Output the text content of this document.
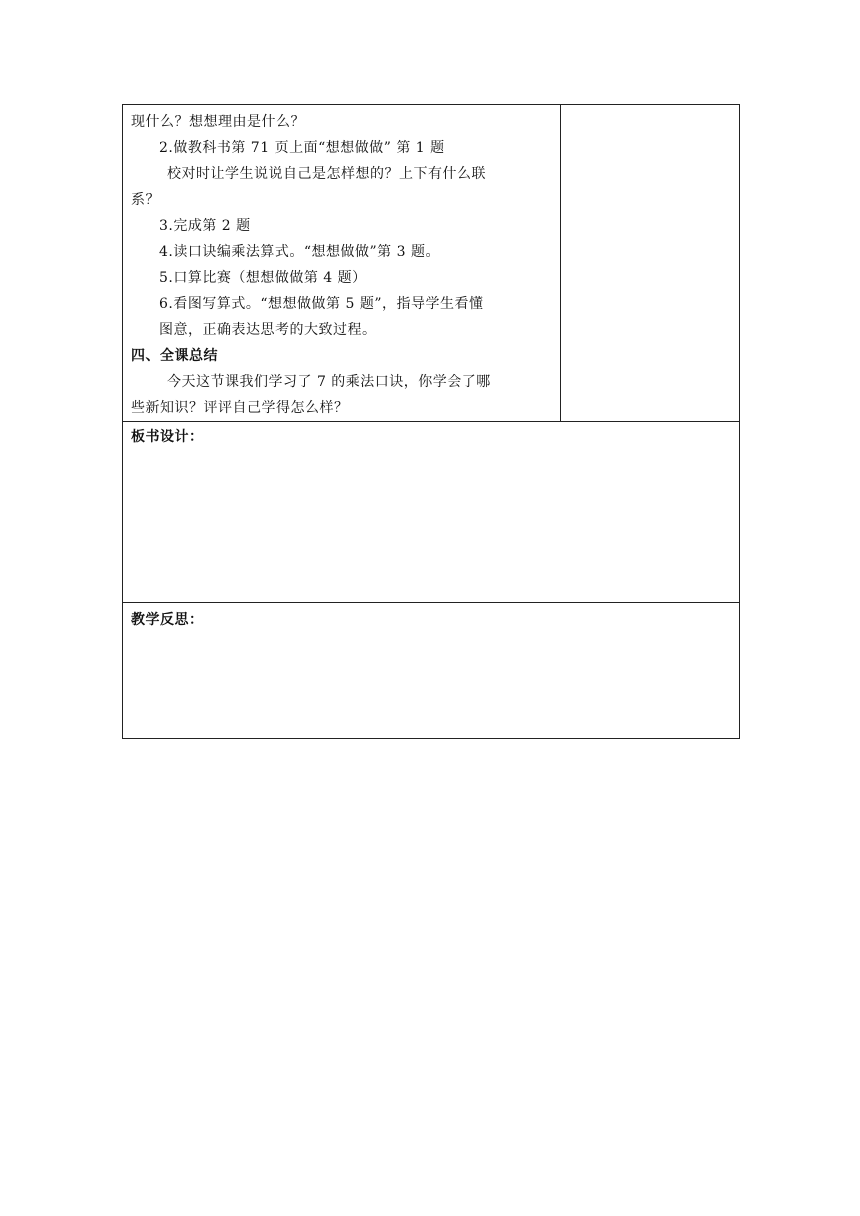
现什么？想想理由是什么？
2.做教科书第 71 页上面“想想做做” 第 1 题
校对时让学生说说自己是怎样想的？上下有什么联
系？
3.完成第 2 题
4.读口诀编乘法算式。“想想做做”第 3 题。
5.口算比赛（想想做做第 4 题）
6.看图写算式。“想想做做第 5 题”，指导学生看懂
图意，正确表达思考的大致过程。
四、全课总结
今天这节课我们学习了 7 的乘法口诀，你学会了哪
些新知识？评评自己学得怎么样？

板书设计：

教学反思：
